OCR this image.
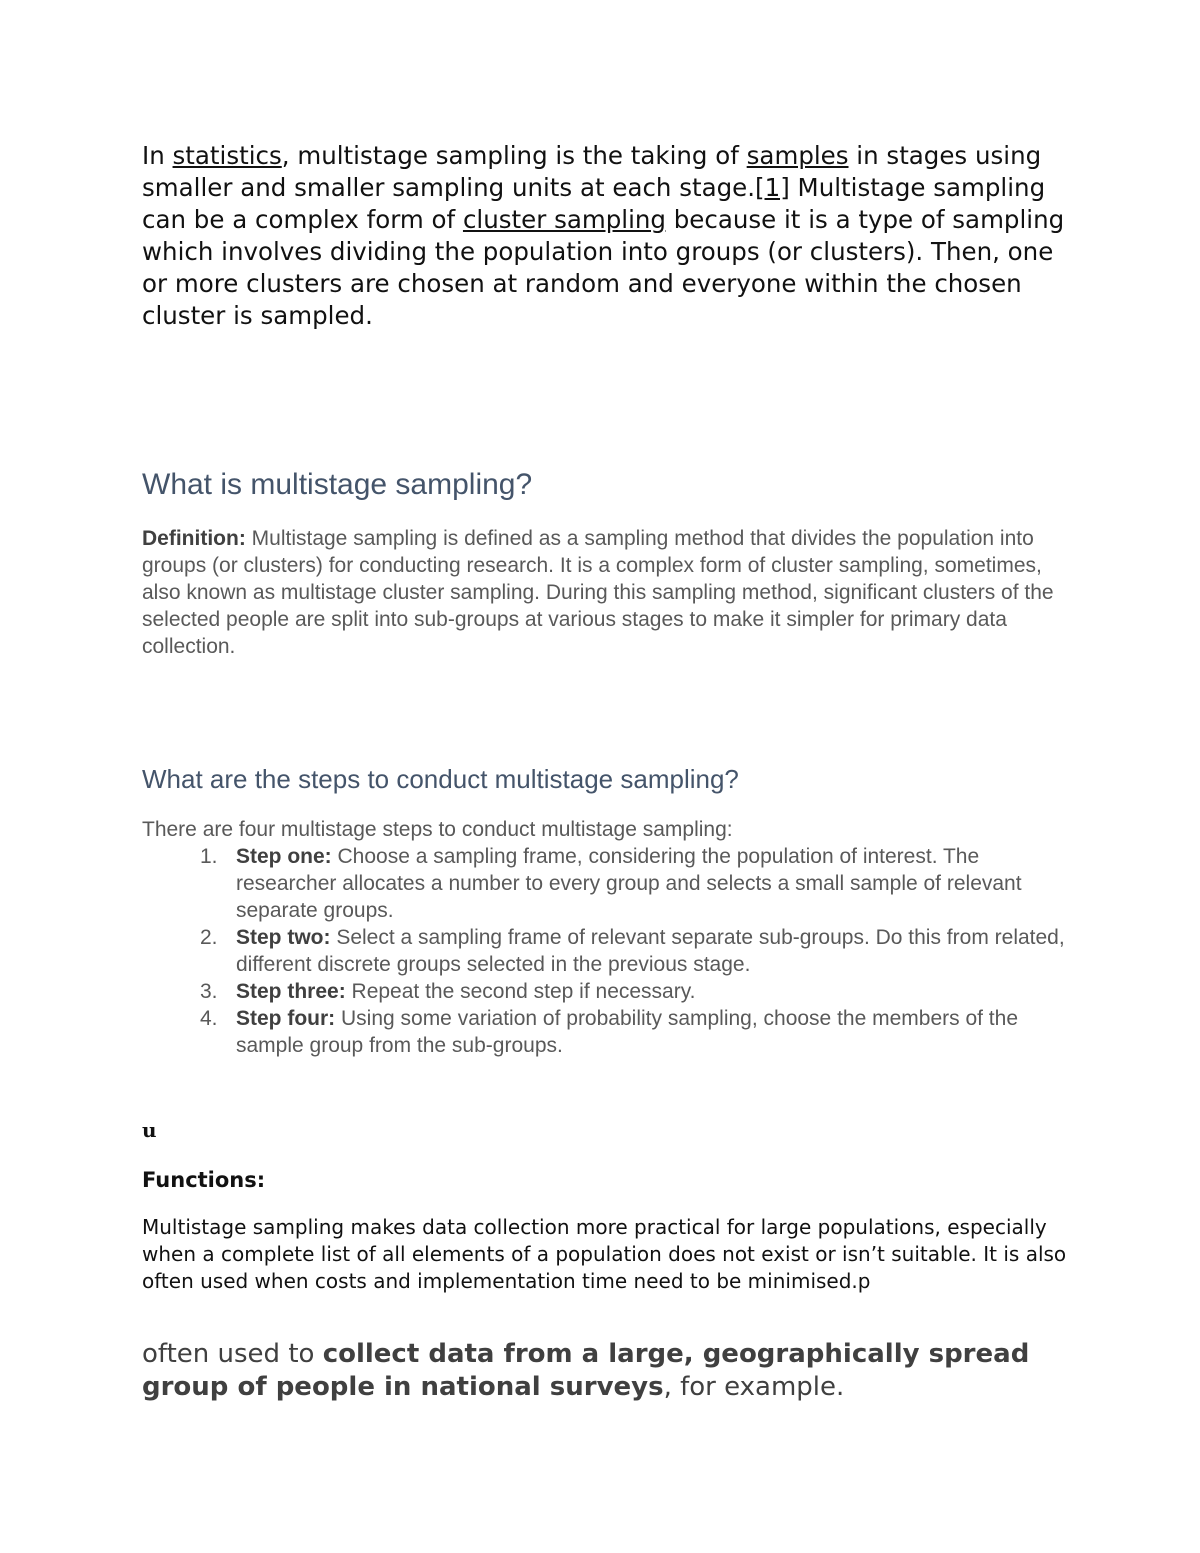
In statistics, multistage sampling is the taking of samples in stages using smaller and smaller sampling units at each stage.[1] Multistage sampling can be a complex form of cluster sampling because it is a type of sampling which involves dividing the population into groups (or clusters). Then, one or more clusters are chosen at random and everyone within the chosen cluster is sampled.

What is multistage sampling?

Definition: Multistage sampling is defined as a sampling method that divides the population into groups (or clusters) for conducting research. It is a complex form of cluster sampling, sometimes, also known as multistage cluster sampling. During this sampling method, significant clusters of the selected people are split into sub-groups at various stages to make it simpler for primary data collection.

What are the steps to conduct multistage sampling?
There are four multistage steps to conduct multistage sampling:
1. Step one: Choose a sampling frame, considering the population of interest. The researcher allocates a number to every group and selects a small sample of relevant separate groups.
2. Step two: Select a sampling frame of relevant separate sub-groups. Do this from related, different discrete groups selected in the previous stage.
3. Step three: Repeat the second step if necessary.
4. Step four: Using some variation of probability sampling, choose the members of the sample group from the sub-groups.
u
Functions:

Multistage sampling makes data collection more practical for large populations, especially when a complete list of all elements of a population does not exist or isn’t suitable. It is also often used when costs and implementation time need to be minimised.p

often used to collect data from a large, geographically spread group of people in national surveys, for example.
